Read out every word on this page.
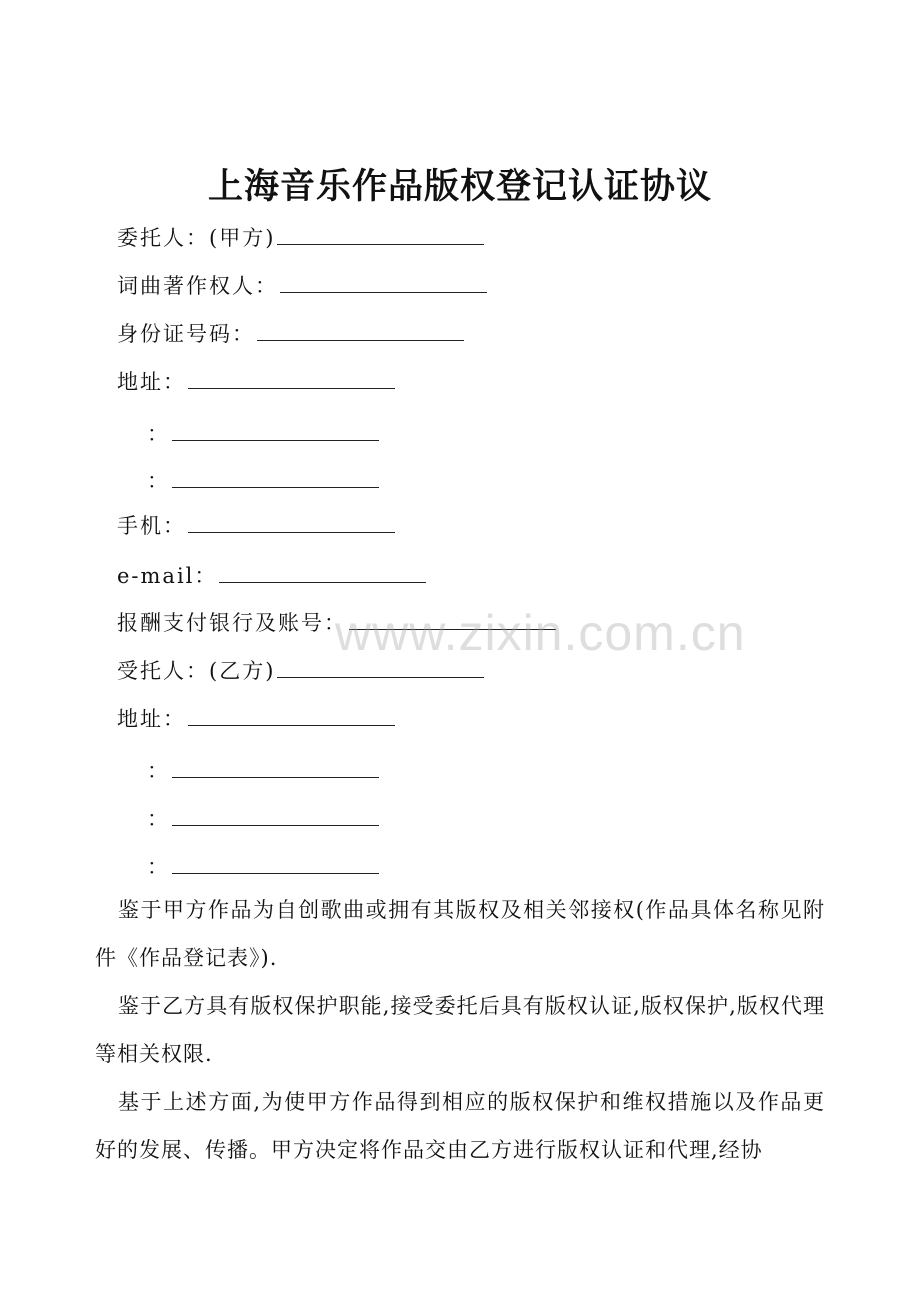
上海音乐作品版权登记认证协议
委托人：(甲方)
词曲著作权人：
身份证号码：
地址：
：
：
手机：
e-mail：
报酬支付银行及账号：
受托人：(乙方)
地址：
：
：
：

鉴于甲方作品为自创歌曲或拥有其版权及相关邻接权(作品具体名称见附件《作品登记表》).

鉴于乙方具有版权保护职能,接受委托后具有版权认证,版权保护,版权代理等相关权限.

基于上述方面,为使甲方作品得到相应的版权保护和维权措施以及作品更好的发展、传播。甲方决定将作品交由乙方进行版权认证和代理,经协

www.zixin.com.cn
